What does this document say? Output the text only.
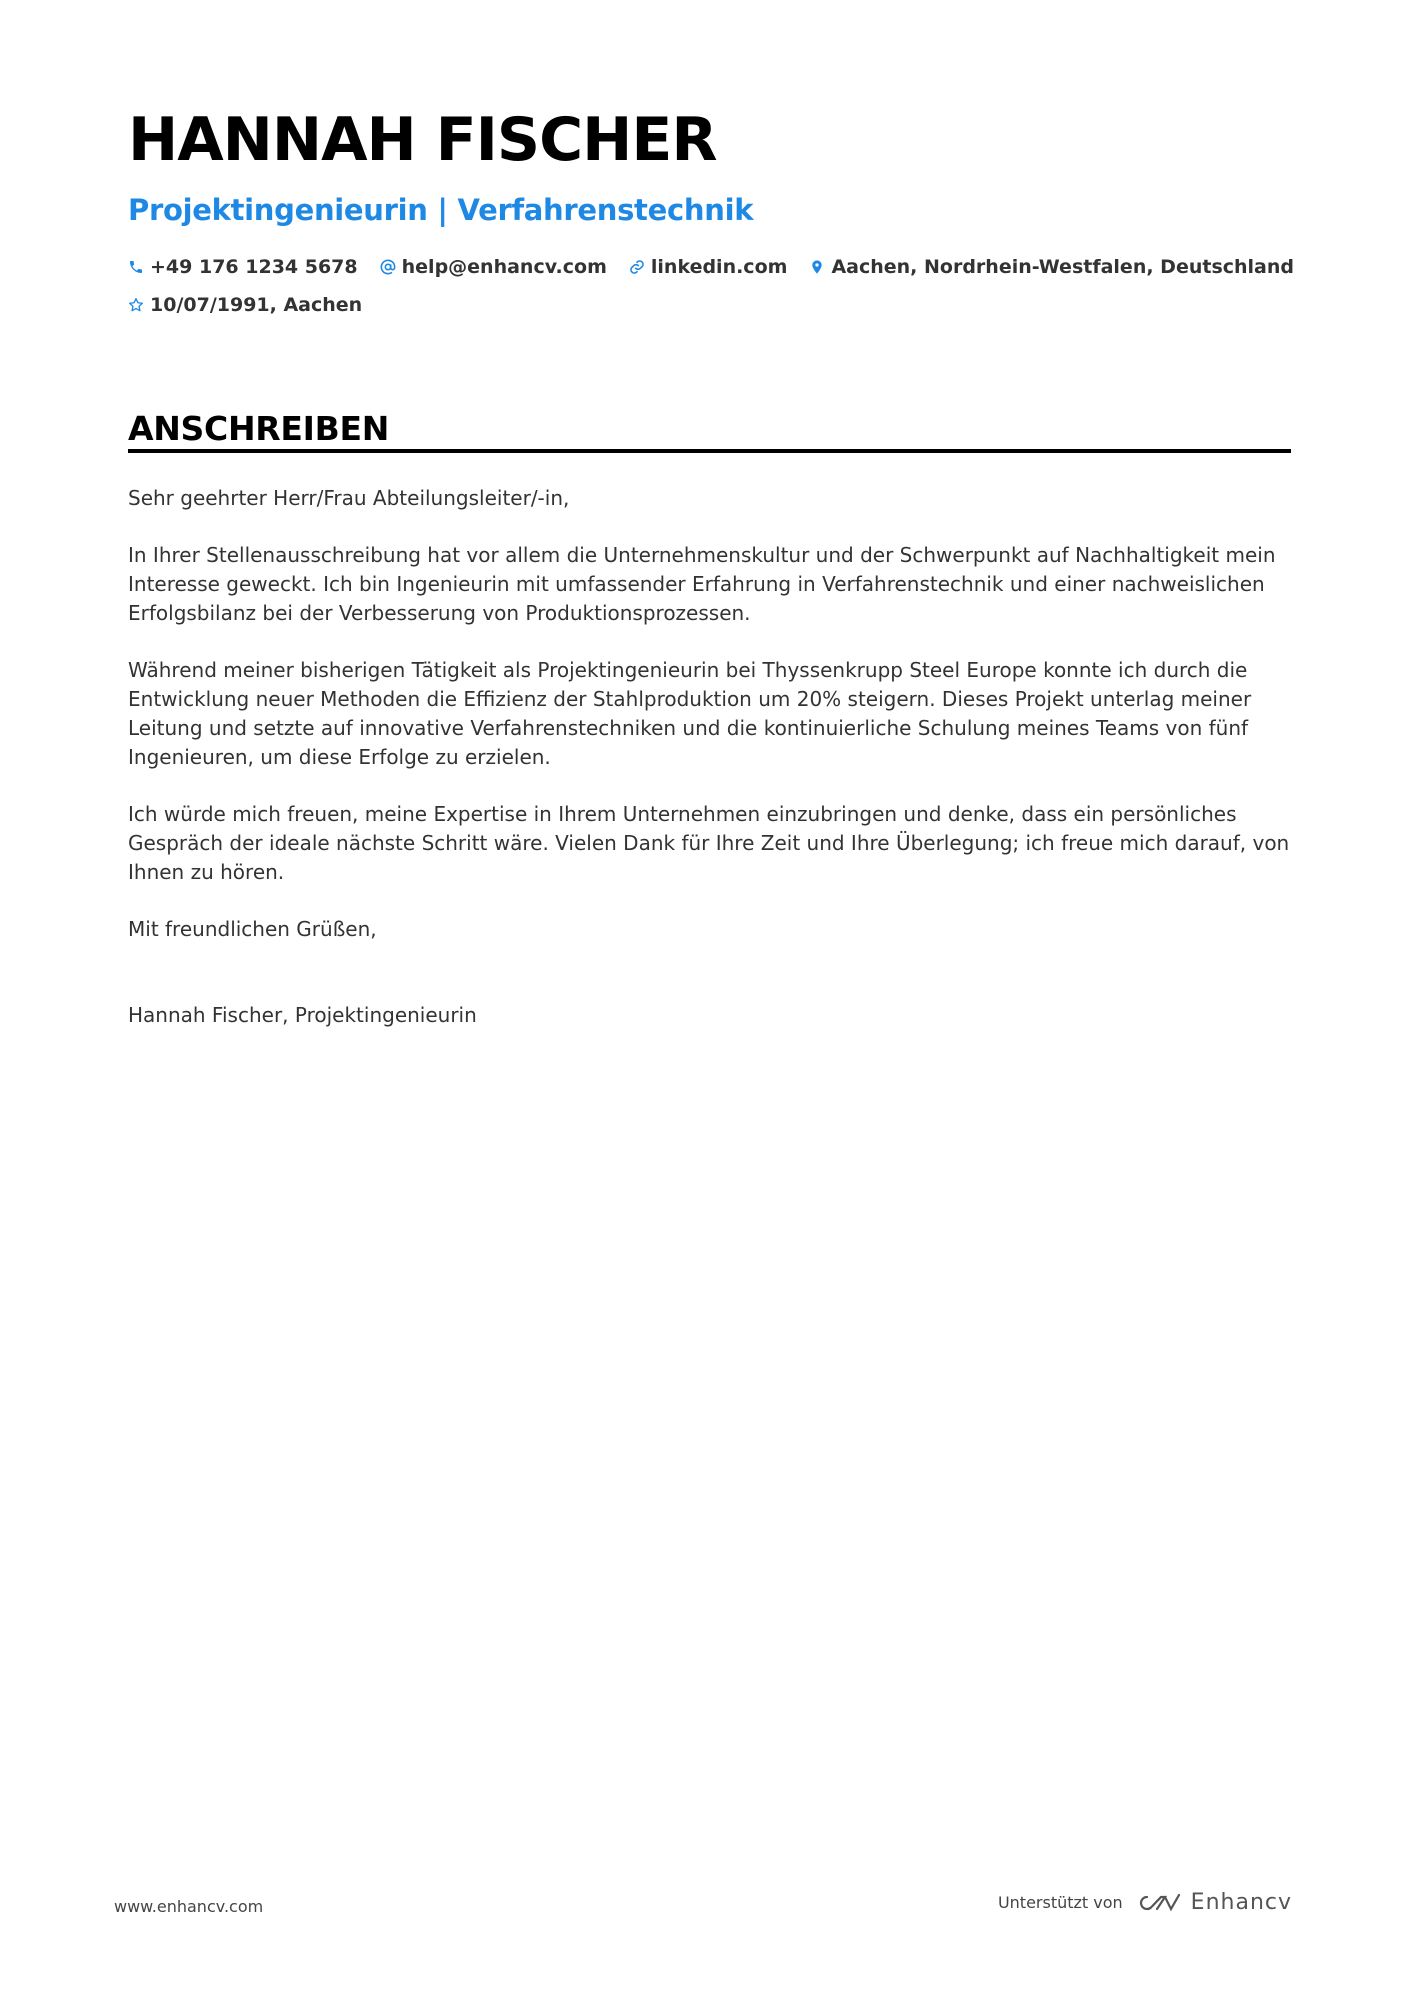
HANNAH FISCHER
Projektingenieurin | Verfahrenstechnik
+49 176 1234 5678 help@enhancv.com linkedin.com Aachen, Nordrhein-Westfalen, Deutschland
10/07/1991, Aachen
ANSCHREIBEN

Sehr geehrter Herr/Frau Abteilungsleiter/-in,

In Ihrer Stellenausschreibung hat vor allem die Unternehmenskultur und der Schwerpunkt auf Nachhaltigkeit mein Interesse geweckt. Ich bin Ingenieurin mit umfassender Erfahrung in Verfahrenstechnik und einer nachweislichen Erfolgsbilanz bei der Verbesserung von Produktionsprozessen.

Während meiner bisherigen Tätigkeit als Projektingenieurin bei Thyssenkrupp Steel Europe konnte ich durch die Entwicklung neuer Methoden die Effizienz der Stahlproduktion um 20% steigern. Dieses Projekt unterlag meiner Leitung und setzte auf innovative Verfahrenstechniken und die kontinuierliche Schulung meines Teams von fünf Ingenieuren, um diese Erfolge zu erzielen.

Ich würde mich freuen, meine Expertise in Ihrem Unternehmen einzubringen und denke, dass ein persönliches Gespräch der ideale nächste Schritt wäre. Vielen Dank für Ihre Zeit und Ihre Überlegung; ich freue mich darauf, von Ihnen zu hören.

Mit freundlichen Grüßen,

Hannah Fischer, Projektingenieurin

www.enhancv.com	Unterstützt von	Enhancv
